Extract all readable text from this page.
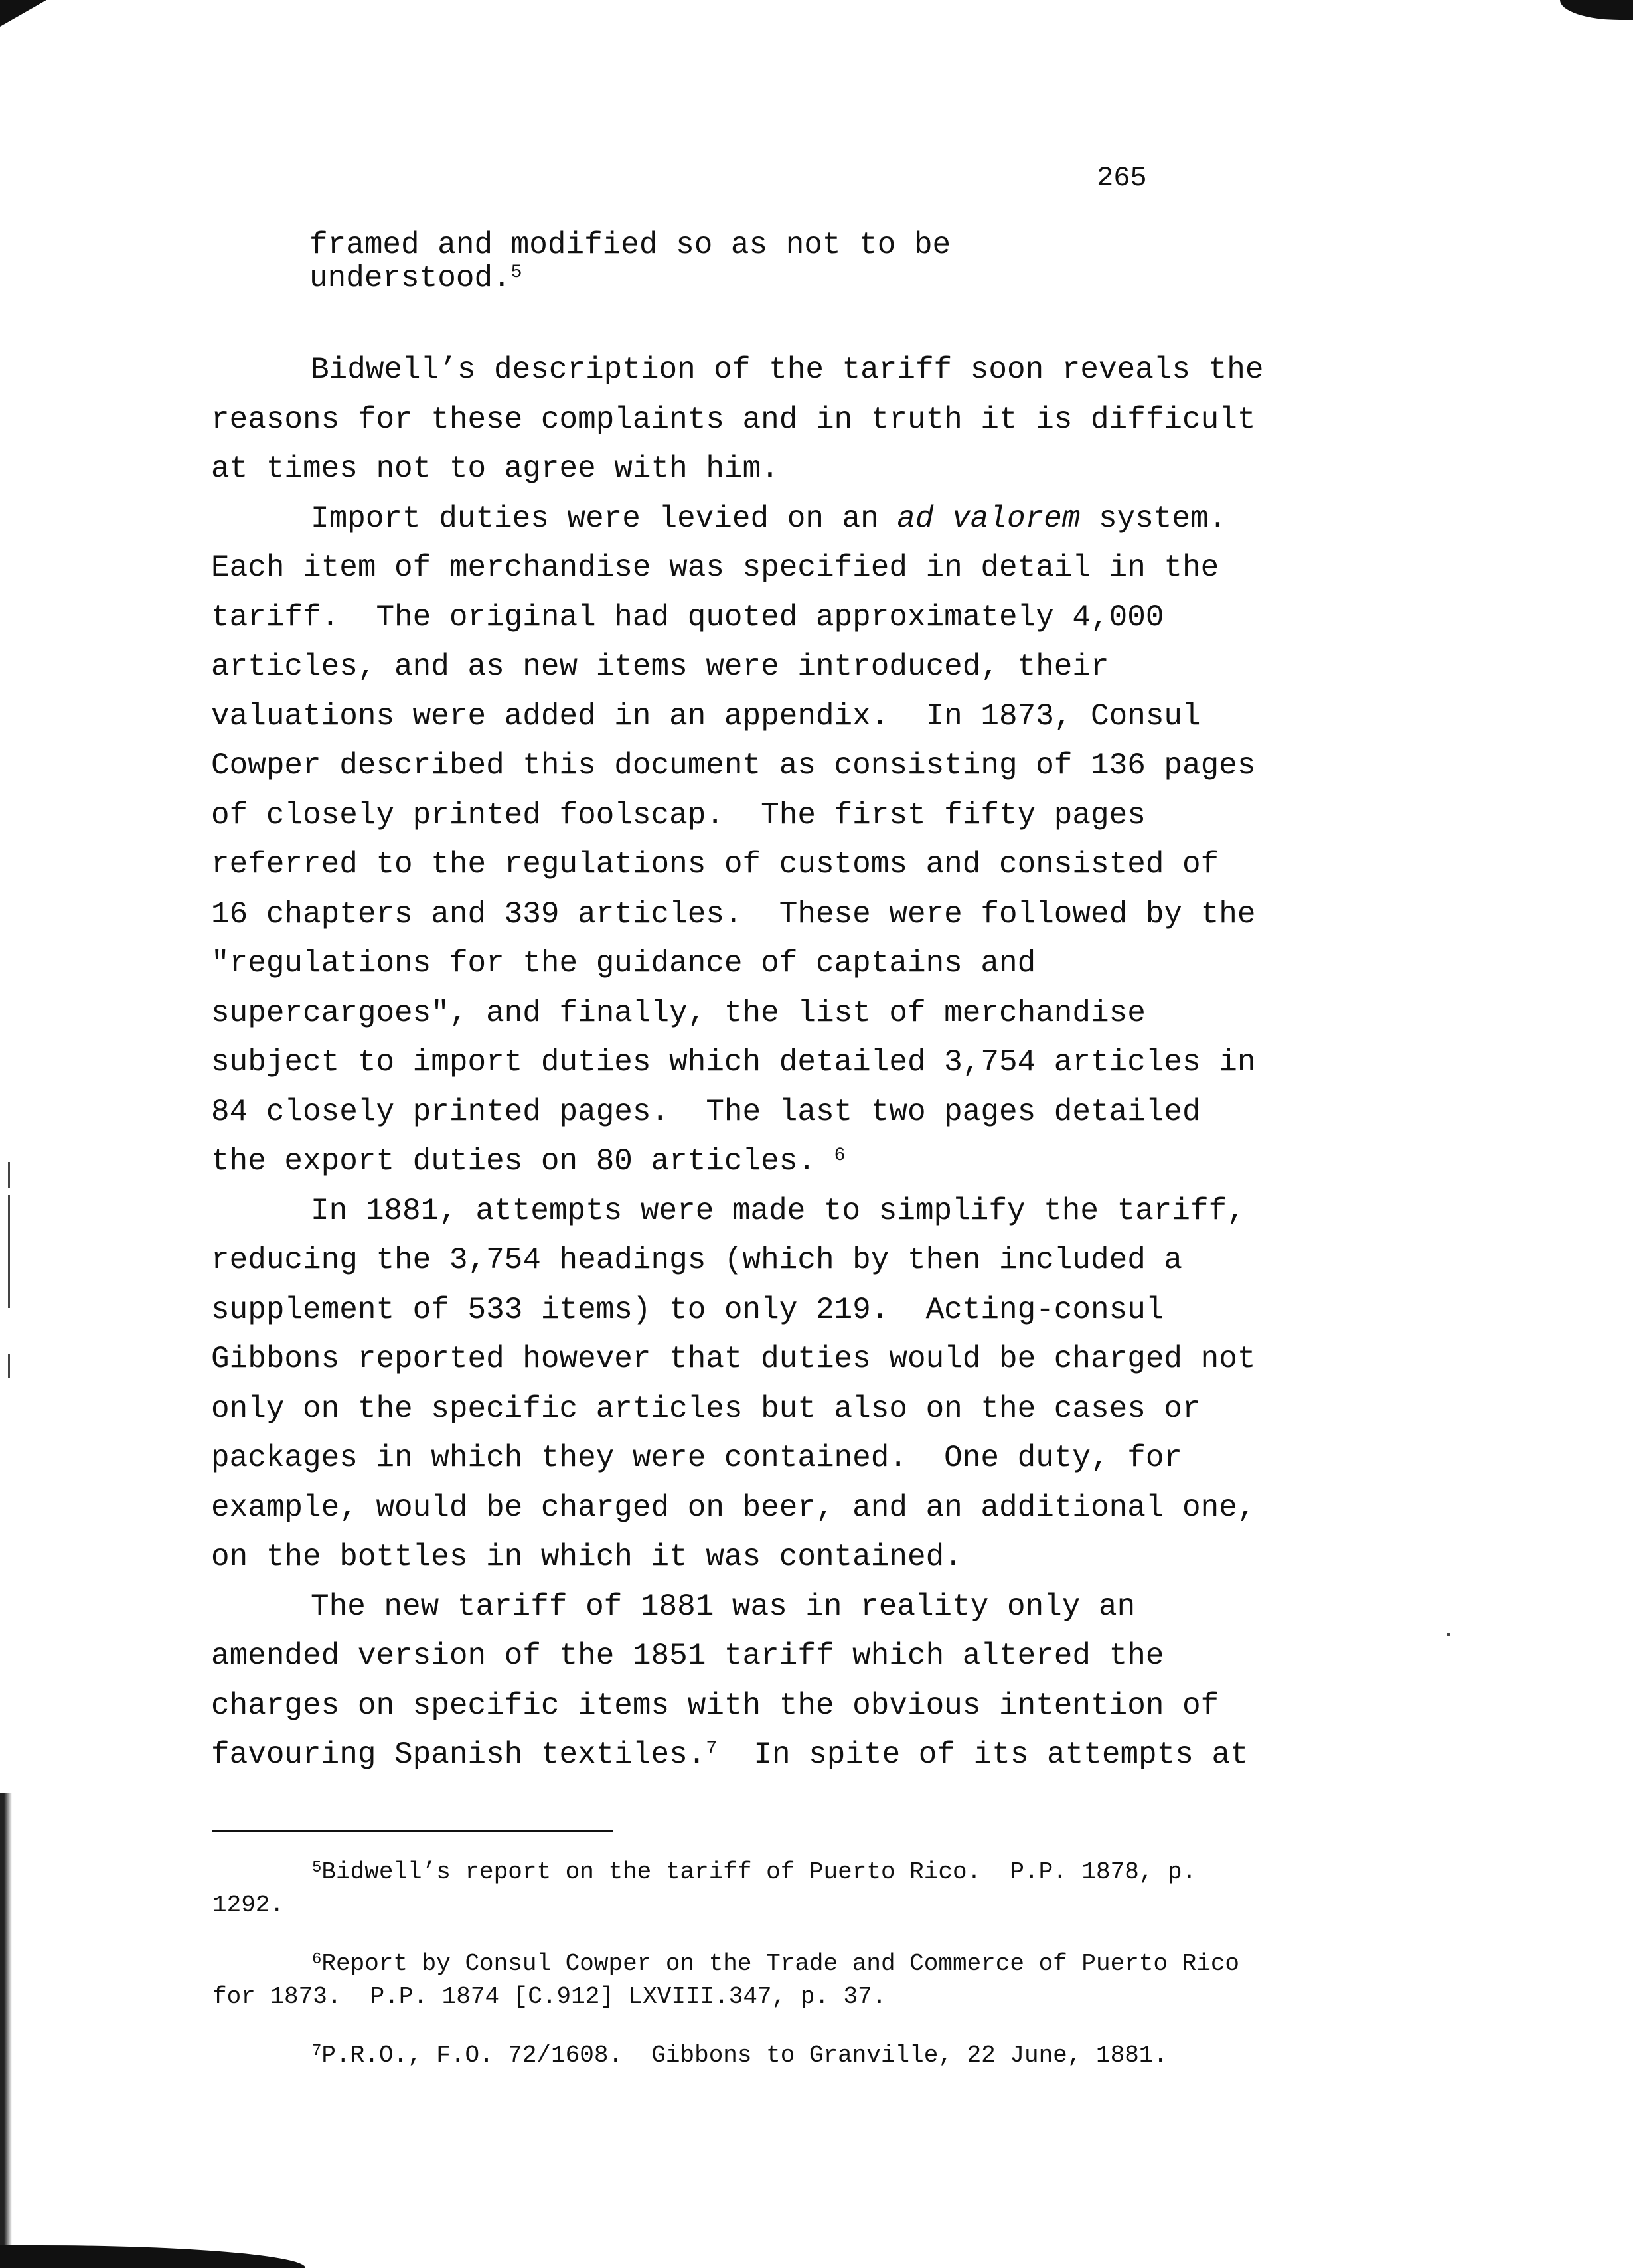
265
framed and modified so as not to be
understood.$^5$
Bidwell’s description of the tariff soon reveals the
reasons for these complaints and in truth it is difficult
at times not to agree with him.
Import duties were levied on an ad valorem system.
Each item of merchandise was specified in detail in the
tariff.  The original had quoted approximately 4,000
articles, and as new items were introduced, their
valuations were added in an appendix.  In 1873, Consul
Cowper described this document as consisting of 136 pages
of closely printed foolscap.  The first fifty pages
referred to the regulations of customs and consisted of
16 chapters and 339 articles.  These were followed by the
"regulations for the guidance of captains and
supercargoes", and finally, the list of merchandise
subject to import duties which detailed 3,754 articles in
84 closely printed pages.  The last two pages detailed
the export duties on 80 articles. $^6$
In 1881, attempts were made to simplify the tariff,
reducing the 3,754 headings (which by then included a
supplement of 533 items) to only 219.  Acting-consul
Gibbons reported however that duties would be charged not
only on the specific articles but also on the cases or
packages in which they were contained.  One duty, for
example, would be charged on beer, and an additional one,
on the bottles in which it was contained.
The new tariff of 1881 was in reality only an
amended version of the 1851 tariff which altered the
charges on specific items with the obvious intention of
favouring Spanish textiles.$^7$  In spite of its attempts at
$^5$Bidwell’s report on the tariff of Puerto Rico.  P.P. 1878, p.
1292.
$^6$Report by Consul Cowper on the Trade and Commerce of Puerto Rico
for 1873.  P.P. 1874 [C.912] LXVIII.347, p. 37.
$^7$P.R.O., F.O. 72/1608.  Gibbons to Granville, 22 June, 1881.
